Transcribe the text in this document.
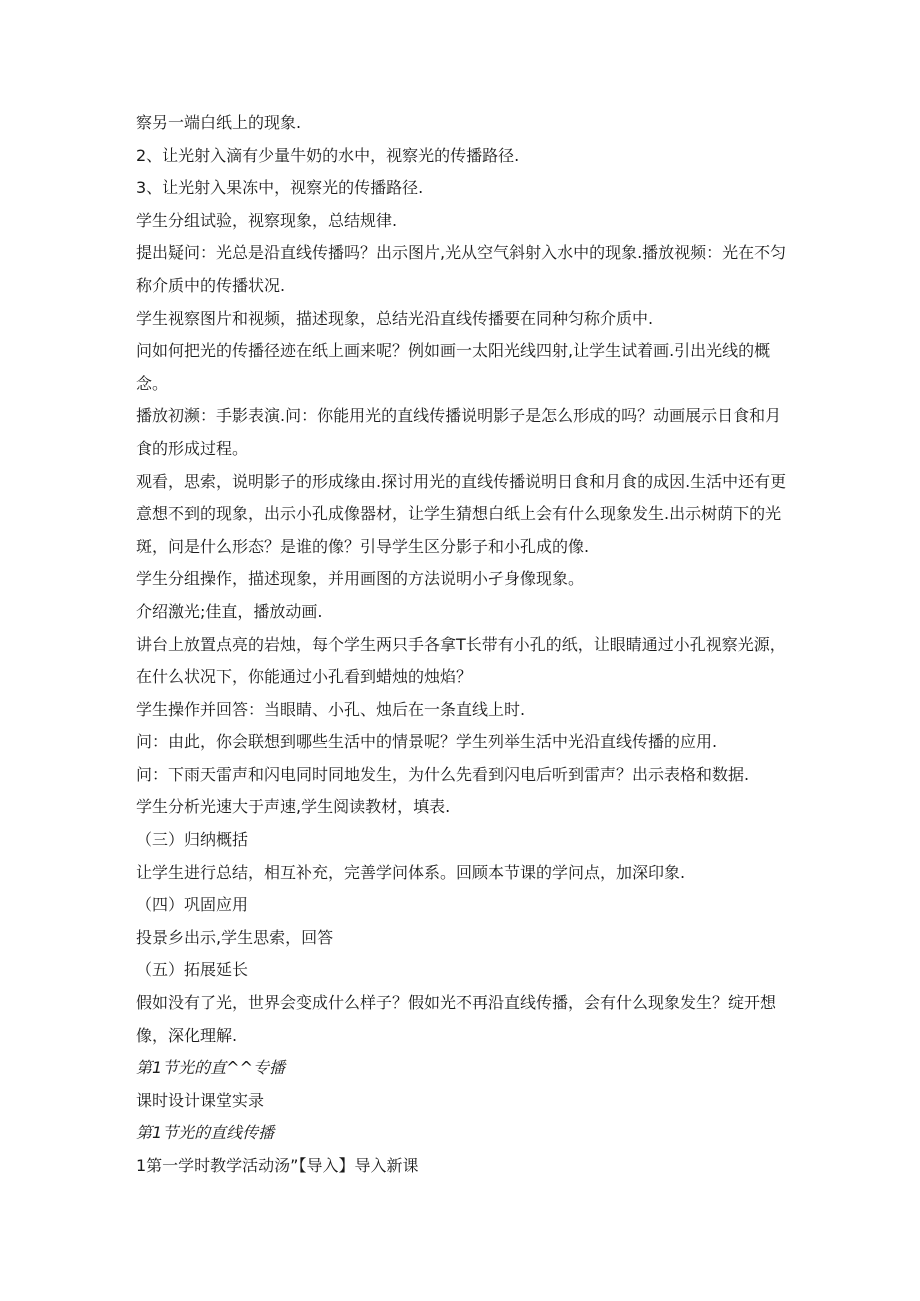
察另一端白纸上的现象.

2、让光射入滴有少量牛奶的水中，视察光的传播路径.

3、让光射入果冻中，视察光的传播路径.

学生分组试验，视察现象，总结规律.

提出疑问：光总是沿直线传播吗？出示图片,光从空气斜射入水中的现象.播放视频：光在不匀称介质中的传播状况.

学生视察图片和视频，描述现象，总结光沿直线传播要在同种匀称介质中.

问如何把光的传播径迹在纸上画来呢？例如画一太阳光线四射,让学生试着画.引出光线的概念。

播放初濒：手影表演.问：你能用光的直线传播说明影子是怎么形成的吗？动画展示日食和月食的形成过程。

观看，思索，说明影子的形成缘由.探讨用光的直线传播说明日食和月食的成因.生活中还有更意想不到的现象，出示小孔成像器材，让学生猜想白纸上会有什么现象发生.出示树荫下的光斑，问是什么形态？是谁的像？引导学生区分影子和小孔成的像.

学生分组操作，描述现象，并用画图的方法说明小孑身像现象。

介绍激光;佳直，播放动画.

讲台上放置点亮的岩烛，每个学生两只手各拿T长带有小孔的纸，让眼睛通过小孔视察光源，在什么状况下，你能通过小孔看到蜡烛的烛焰？

学生操作并回答：当眼睛、小孔、烛后在一条直线上时.

问：由此，你会联想到哪些生活中的情景呢？学生列举生活中光沿直线传播的应用.

问：下雨天雷声和闪电同时同地发生，为什么先看到闪电后听到雷声？出示表格和数据.

学生分析光速大于声速,学生阅读教材，填表.

（三）归纳概括

让学生进行总结，相互补充，完善学问体系。回顾本节课的学问点，加深印象.

（四）巩固应用

投景乡出示,学生思索，回答

（五）拓展延长

假如没有了光，世界会变成什么样子？假如光不再沿直线传播，会有什么现象发生？绽开想像，深化理解.

第1节光的直^^专播

课时设计课堂实录

第1节光的直线传播

1第一学时教学活动汤”【导入】导入新课
